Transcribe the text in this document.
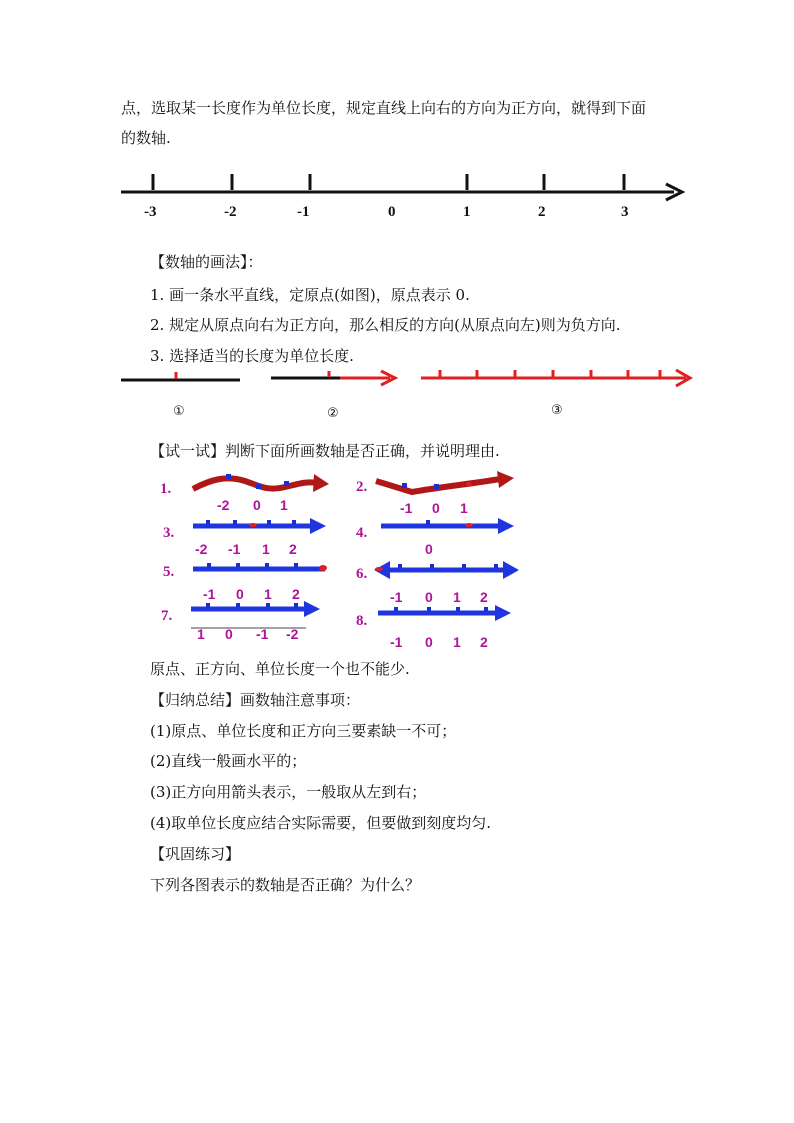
点，选取某一长度作为单位长度，规定直线上向右的方向为正方向，就得到下面

的数轴.

-3	-2	-1	0	1	2	3

【数轴的画法】：

1. 画一条水平直线，定原点(如图)，原点表示 0.

2. 规定从原点向右为正方向，那么相反的方向(从原点向左)则为负方向.

3. 选择适当的长度为单位长度.

①	②	③

【试一试】判断下面所画数轴是否正确，并说明理由.

1.	2.
3.	4.
5.	6.
7.	8.
-2 0 1	-1 0 1
-2 -1 1 2	0
-1 0 1 2
1 0 -1 -2
-1 0 1 2
-1 0 1 2

原点、正方向、单位长度一个也不能少.

【归纳总结】画数轴注意事项：

(1)原点、单位长度和正方向三要素缺一不可；

(2)直线一般画水平的；

(3)正方向用箭头表示，一般取从左到右；

(4)取单位长度应结合实际需要，但要做到刻度均匀.

【巩固练习】

下列各图表示的数轴是否正确？为什么？
